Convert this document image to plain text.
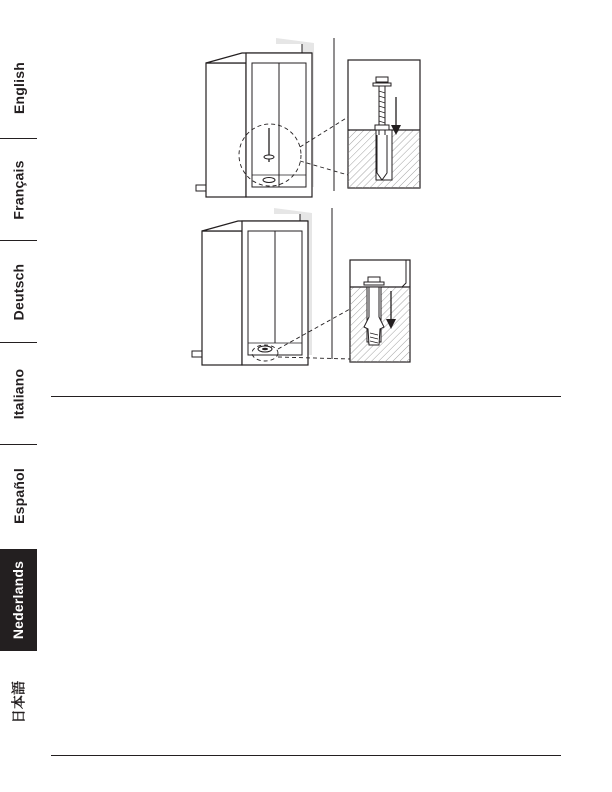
English
Français
Deutsch
Italiano
Español
Nederlands
日本語
